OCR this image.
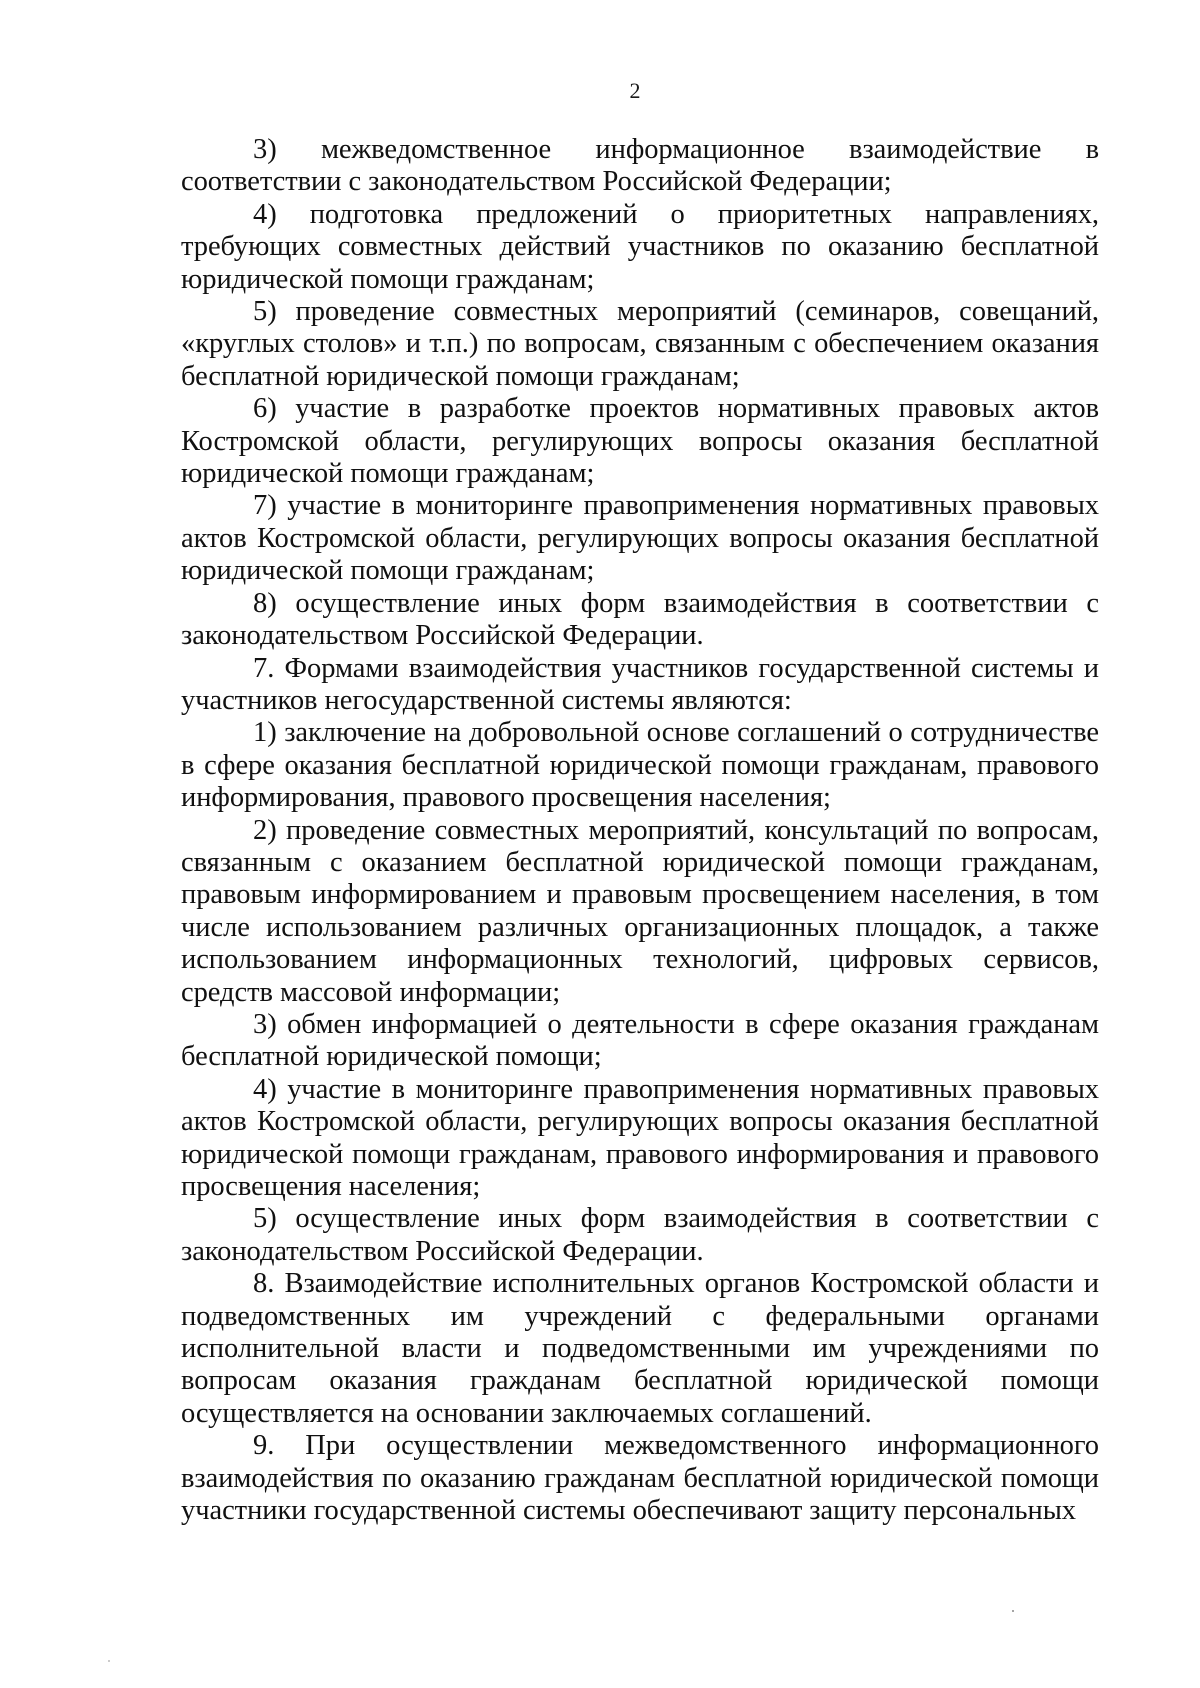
2

3) межведомственное информационное взаимодействие в соответствии с законодательством Российской Федерации;

4) подготовка предложений о приоритетных направлениях, требующих совместных действий участников по оказанию бесплатной юридической помощи гражданам;

5) проведение совместных мероприятий (семинаров, совещаний, «круглых столов» и т.п.) по вопросам, связанным с обеспечением оказания бесплатной юридической помощи гражданам;

6) участие в разработке проектов нормативных правовых актов Костромской области, регулирующих вопросы оказания бесплатной юридической помощи гражданам;

7) участие в мониторинге правоприменения нормативных правовых актов Костромской области, регулирующих вопросы оказания бесплатной юридической помощи гражданам;

8) осуществление иных форм взаимодействия в соответствии с законодательством Российской Федерации.

7. Формами взаимодействия участников государственной системы и участников негосударственной системы являются:

1) заключение на добровольной основе соглашений о сотрудничестве в сфере оказания бесплатной юридической помощи гражданам, правового информирования, правового просвещения населения;

2) проведение совместных мероприятий, консультаций по вопросам, связанным с оказанием бесплатной юридической помощи гражданам, правовым информированием и правовым просвещением населения, в том числе использованием различных организационных площадок, а также использованием информационных технологий, цифровых сервисов, средств массовой информации;

3) обмен информацией о деятельности в сфере оказания гражданам бесплатной юридической помощи;

4) участие в мониторинге правоприменения нормативных правовых актов Костромской области, регулирующих вопросы оказания бесплатной юридической помощи гражданам, правового информирования и правового просвещения населения;

5) осуществление иных форм взаимодействия в соответствии с законодательством Российской Федерации.

8. Взаимодействие исполнительных органов Костромской области и подведомственных им учреждений с федеральными органами исполнительной власти и подведомственными им учреждениями по вопросам оказания гражданам бесплатной юридической помощи осуществляется на основании заключаемых соглашений.

9. При осуществлении межведомственного информационного взаимодействия по оказанию гражданам бесплатной юридической помощи участники государственной системы обеспечивают защиту персональных
